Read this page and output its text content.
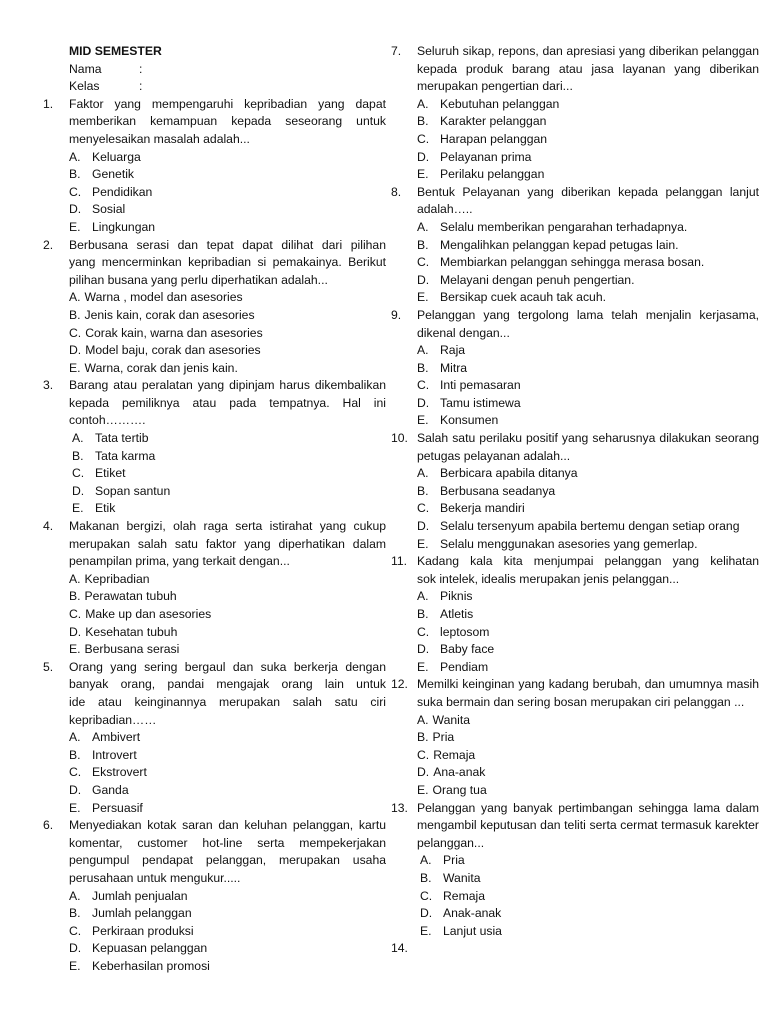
MID SEMESTER
Nama	:
Kelas	:
1. Faktor yang mempengaruhi kepribadian yang dapat
memberikan kemampuan kepada seseorang untuk
menyelesaikan masalah adalah...
A. Keluarga
B. Genetik
C. Pendidikan
D. Sosial
E. Lingkungan
2. Berbusana serasi dan tepat dapat dilihat dari pilihan
yang mencerminkan kepribadian si pemakainya. Berikut
pilihan busana yang perlu diperhatikan adalah...
A. Warna , model dan asesories
B. Jenis kain, corak dan asesories
C. Corak kain, warna dan asesories
D. Model baju, corak dan asesories
E. Warna, corak dan jenis kain.
3. Barang atau peralatan yang dipinjam harus dikembalikan
kepada pemiliknya atau pada tempatnya. Hal ini
contoh……….
A. Tata tertib
B. Tata karma
C. Etiket
D. Sopan santun
E. Etik
4. Makanan bergizi, olah raga serta istirahat yang cukup
merupakan salah satu faktor yang diperhatikan dalam
penampilan prima, yang terkait dengan...
A. Kepribadian
B. Perawatan tubuh
C. Make up dan asesories
D. Kesehatan tubuh
E. Berbusana serasi
5. Orang yang sering bergaul dan suka berkerja dengan
banyak orang, pandai mengajak orang lain untuk
ide atau keinginannya merupakan salah satu ciri
kepribadian……
A. Ambivert
B. Introvert
C. Ekstrovert
D. Ganda
E. Persuasif
6. Menyediakan kotak saran dan keluhan pelanggan, kartu
komentar, customer hot-line serta mempekerjakan
pengumpul pendapat pelanggan, merupakan usaha
perusahaan untuk mengukur.....
A. Jumlah penjualan
B. Jumlah pelanggan
C. Perkiraan produksi
D. Kepuasan pelanggan
E. Keberhasilan promosi
7. Seluruh sikap, repons, dan apresiasi yang diberikan pelanggan
kepada produk barang atau jasa layanan yang diberikan
merupakan pengertian dari...
A. Kebutuhan pelanggan
B. Karakter pelanggan
C. Harapan pelanggan
D. Pelayanan prima
E. Perilaku pelanggan
8. Bentuk Pelayanan yang diberikan kepada pelanggan lanjut
adalah…..
A. Selalu memberikan pengarahan terhadapnya.
B. Mengalihkan pelanggan kepad petugas lain.
C. Membiarkan pelanggan sehingga merasa bosan.
D. Melayani dengan penuh pengertian.
E. Bersikap cuek acauh tak acuh.
9. Pelanggan yang tergolong lama telah menjalin kerjasama,
dikenal dengan...
A. Raja
B. Mitra
C. Inti pemasaran
D. Tamu istimewa
E. Konsumen
10. Salah satu perilaku positif yang seharusnya dilakukan seorang
petugas pelayanan adalah...
A. Berbicara apabila ditanya
B. Berbusana seadanya
C. Bekerja mandiri
D. Selalu tersenyum apabila bertemu dengan setiap orang
E. Selalu menggunakan asesories yang gemerlap.
11. Kadang kala kita menjumpai pelanggan yang kelihatan
sok intelek, idealis merupakan jenis pelanggan...
A. Piknis
B. Atletis
C. leptosom
D. Baby face
E. Pendiam
12. Memilki keinginan yang kadang berubah, dan umumnya masih
suka bermain dan sering bosan merupakan ciri pelanggan ...
A. Wanita
B. Pria
C. Remaja
D. Ana-anak
E. Orang tua
13. Pelanggan yang banyak pertimbangan sehingga lama dalam
mengambil keputusan dan teliti serta cermat termasuk karekter
pelanggan...
A. Pria
B. Wanita
C. Remaja
D. Anak-anak
E. Lanjut usia
14.
